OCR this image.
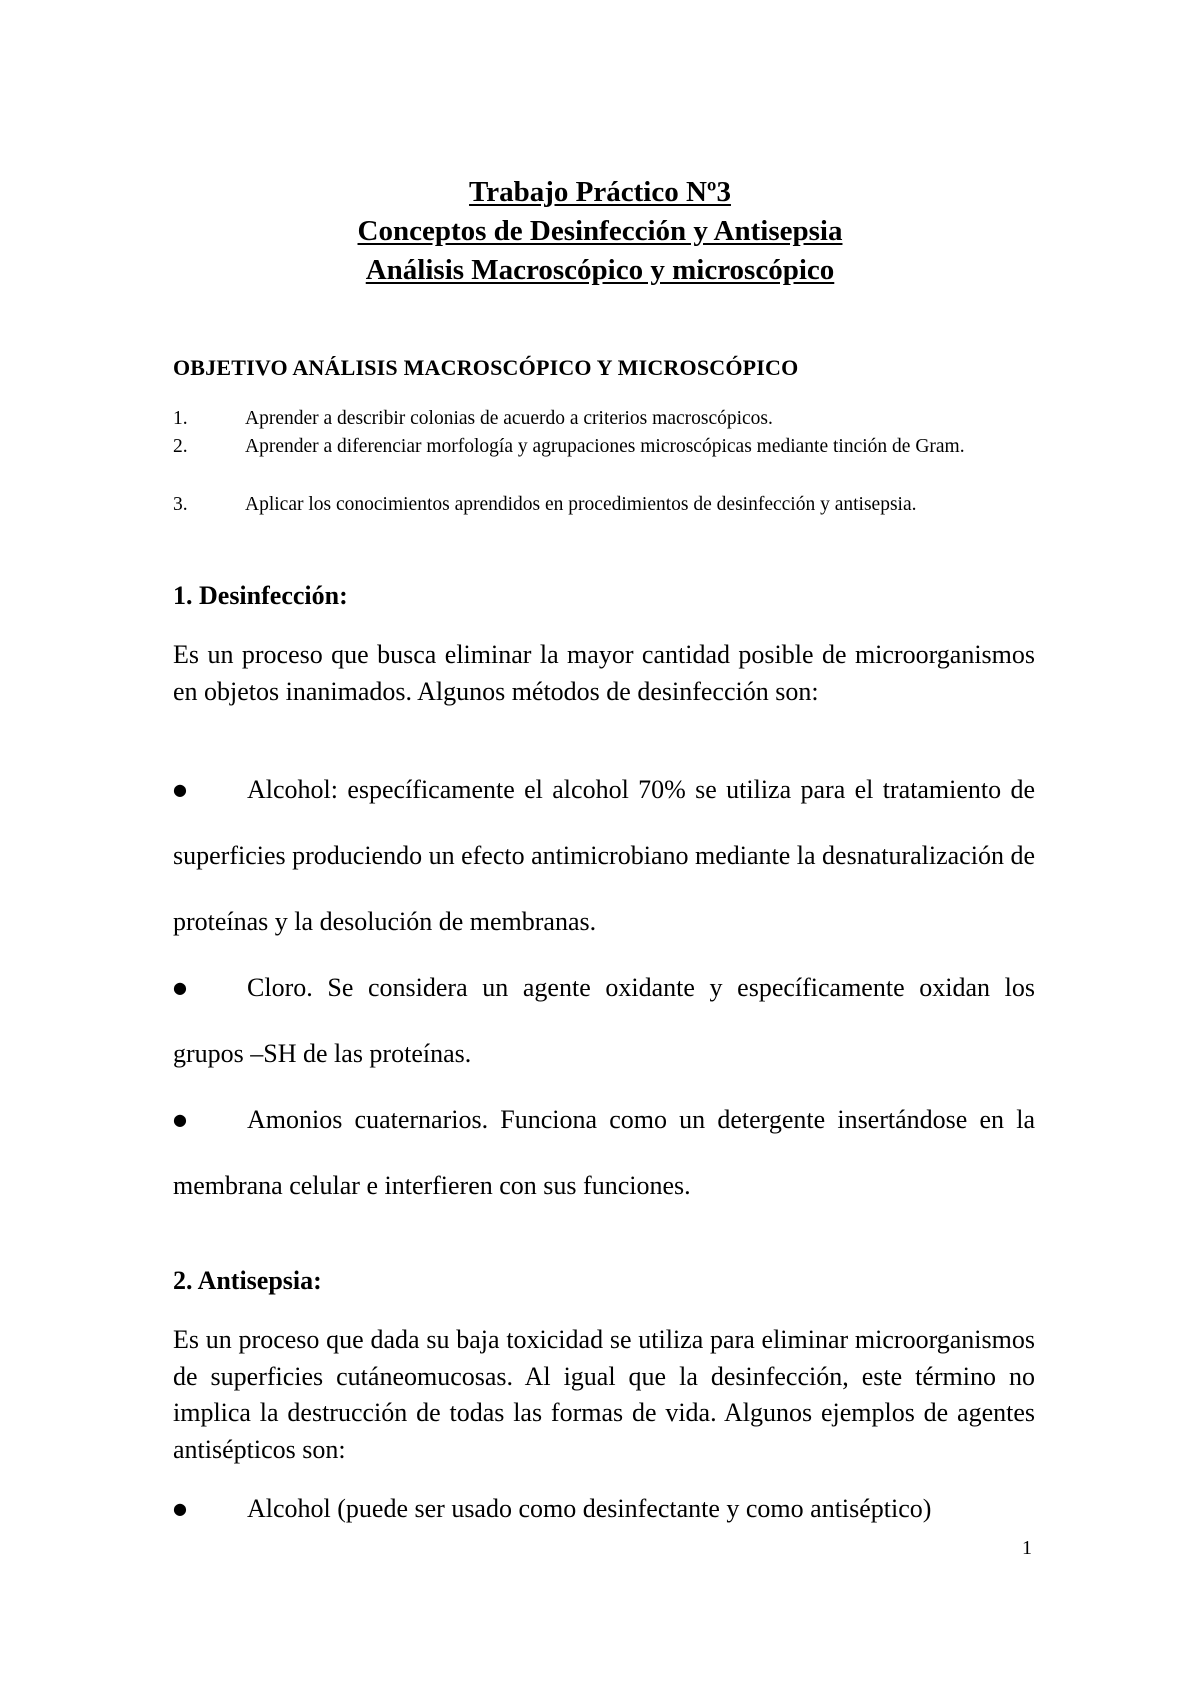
Trabajo Práctico Nº3
Conceptos de Desinfección y Antisepsia
Análisis Macroscópico y microscópico
OBJETIVO ANÁLISIS MACROSCÓPICO Y MICROSCÓPICO
1.	Aprender a describir colonias de acuerdo a criterios macroscópicos.
2.	Aprender a diferenciar morfología y agrupaciones microscópicas mediante tinción de Gram.
3.	Aplicar los conocimientos aprendidos en procedimientos de desinfección y antisepsia.
1. Desinfección:
Es un proceso que busca eliminar la mayor cantidad posible de microorganismos en objetos inanimados. Algunos métodos de desinfección son:
● Alcohol: específicamente el alcohol 70% se utiliza para el tratamiento de superficies produciendo un efecto antimicrobiano mediante la desnaturalización de proteínas y la desolución de membranas.
● Cloro. Se considera un agente oxidante y específicamente oxidan los grupos –SH de las proteínas.
● Amonios cuaternarios. Funciona como un detergente insertándose en la membrana celular e interfieren con sus funciones.
2. Antisepsia:
Es un proceso que dada su baja toxicidad se utiliza para eliminar microorganismos de superficies cutáneomucosas. Al igual que la desinfección, este término no implica la destrucción de todas las formas de vida. Algunos ejemplos de agentes antisépticos son:
● Alcohol (puede ser usado como desinfectante y como antiséptico)
1
